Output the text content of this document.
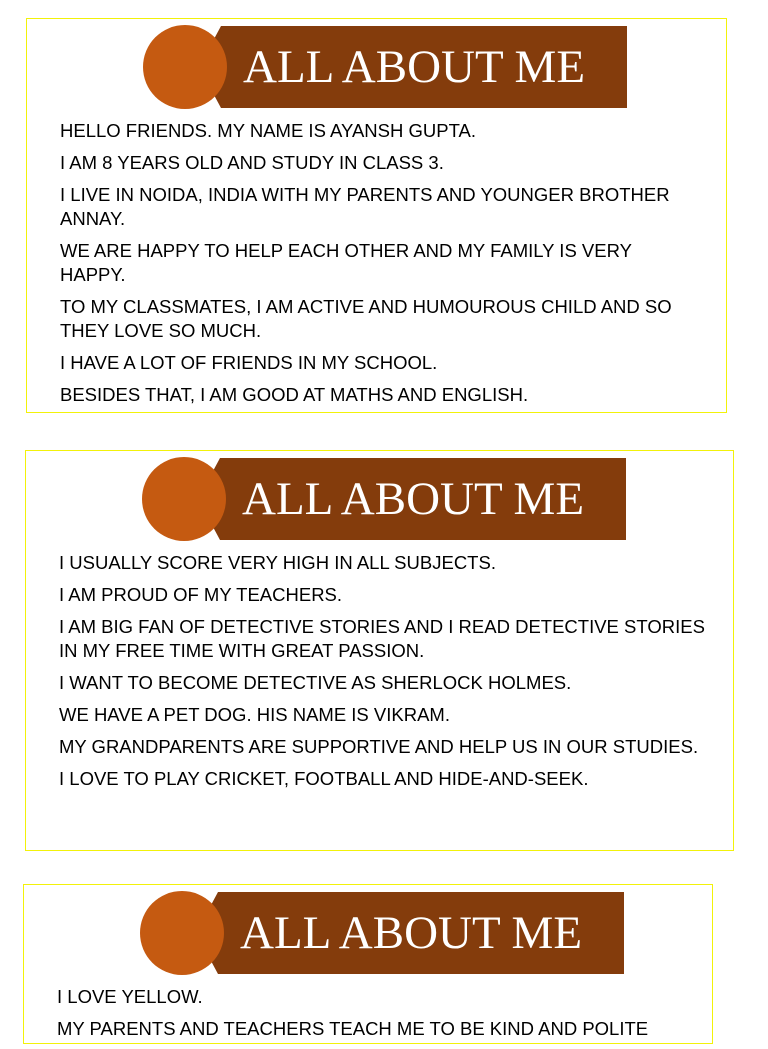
ALL ABOUT ME
HELLO FRIENDS. MY NAME IS AYANSH GUPTA.
I AM 8 YEARS OLD AND STUDY IN CLASS 3.
I LIVE IN NOIDA, INDIA WITH MY PARENTS AND YOUNGER BROTHER ANNAY.
WE ARE HAPPY TO HELP EACH OTHER AND MY FAMILY IS VERY HAPPY.
TO MY CLASSMATES, I AM ACTIVE AND HUMOUROUS CHILD AND SO THEY LOVE SO MUCH.
I HAVE A LOT OF FRIENDS IN MY SCHOOL.
BESIDES THAT, I AM GOOD AT MATHS AND ENGLISH.
ALL ABOUT ME
I USUALLY SCORE VERY HIGH IN ALL SUBJECTS.
I AM PROUD OF MY TEACHERS.
I AM BIG FAN OF DETECTIVE STORIES AND I READ DETECTIVE STORIES IN MY FREE TIME WITH GREAT PASSION.
I WANT TO BECOME DETECTIVE AS SHERLOCK HOLMES.
WE HAVE A PET DOG. HIS NAME IS VIKRAM.
MY GRANDPARENTS ARE SUPPORTIVE AND HELP US IN OUR STUDIES.
I LOVE TO PLAY CRICKET, FOOTBALL AND HIDE-AND-SEEK.
ALL ABOUT ME
I LOVE YELLOW.
MY PARENTS AND TEACHERS TEACH ME TO BE KIND AND POLITE
